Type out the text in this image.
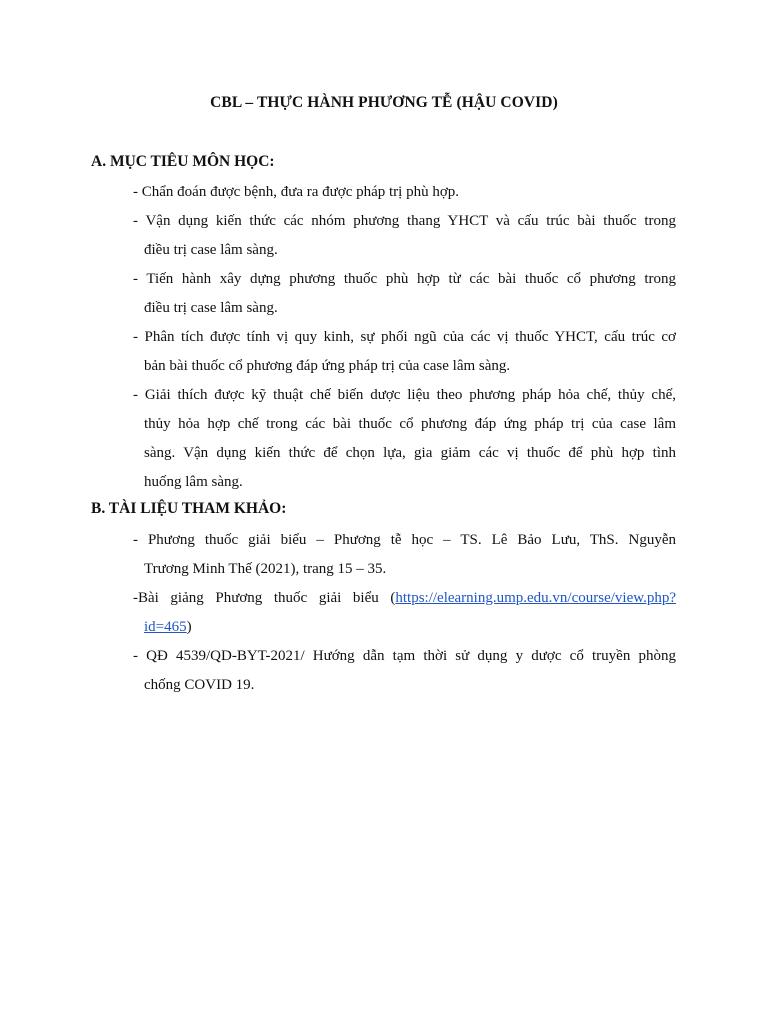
CBL – THỰC HÀNH PHƯƠNG TỄ (HẬU COVID)
A. MỤC TIÊU MÔN HỌC:
- Chẩn đoán được bệnh, đưa ra được pháp trị phù hợp.
- Vận dụng kiến thức các nhóm phương thang YHCT và cấu trúc bài thuốc trong
điều trị case lâm sàng.
- Tiến hành xây dựng phương thuốc phù hợp từ các bài thuốc cổ phương trong
điều trị case lâm sàng.
- Phân tích được tính vị quy kinh, sự phối ngũ của các vị thuốc YHCT, cấu trúc cơ
bản bài thuốc cổ phương đáp ứng pháp trị của case lâm sàng.
- Giải thích được kỹ thuật chế biến dược liệu theo phương pháp hỏa chế, thủy chế,
thủy hỏa hợp chế trong các bài thuốc cổ phương đáp ứng pháp trị của case lâm
sàng. Vận dụng kiến thức để chọn lựa, gia giảm các vị thuốc để phù hợp tình
huống lâm sàng.
B. TÀI LIỆU THAM KHẢO:
- Phương thuốc giải biểu – Phương tễ học – TS. Lê Bảo Lưu, ThS. Nguyễn
Trương Minh Thế (2021), trang 15 – 35.
-Bài giảng Phương thuốc giải biểu (https://elearning.ump.edu.vn/course/view.php?
id=465)
- QĐ 4539/QD-BYT-2021/ Hướng dẫn tạm thời sử dụng y dược cổ truyền phòng
chống COVID 19.
